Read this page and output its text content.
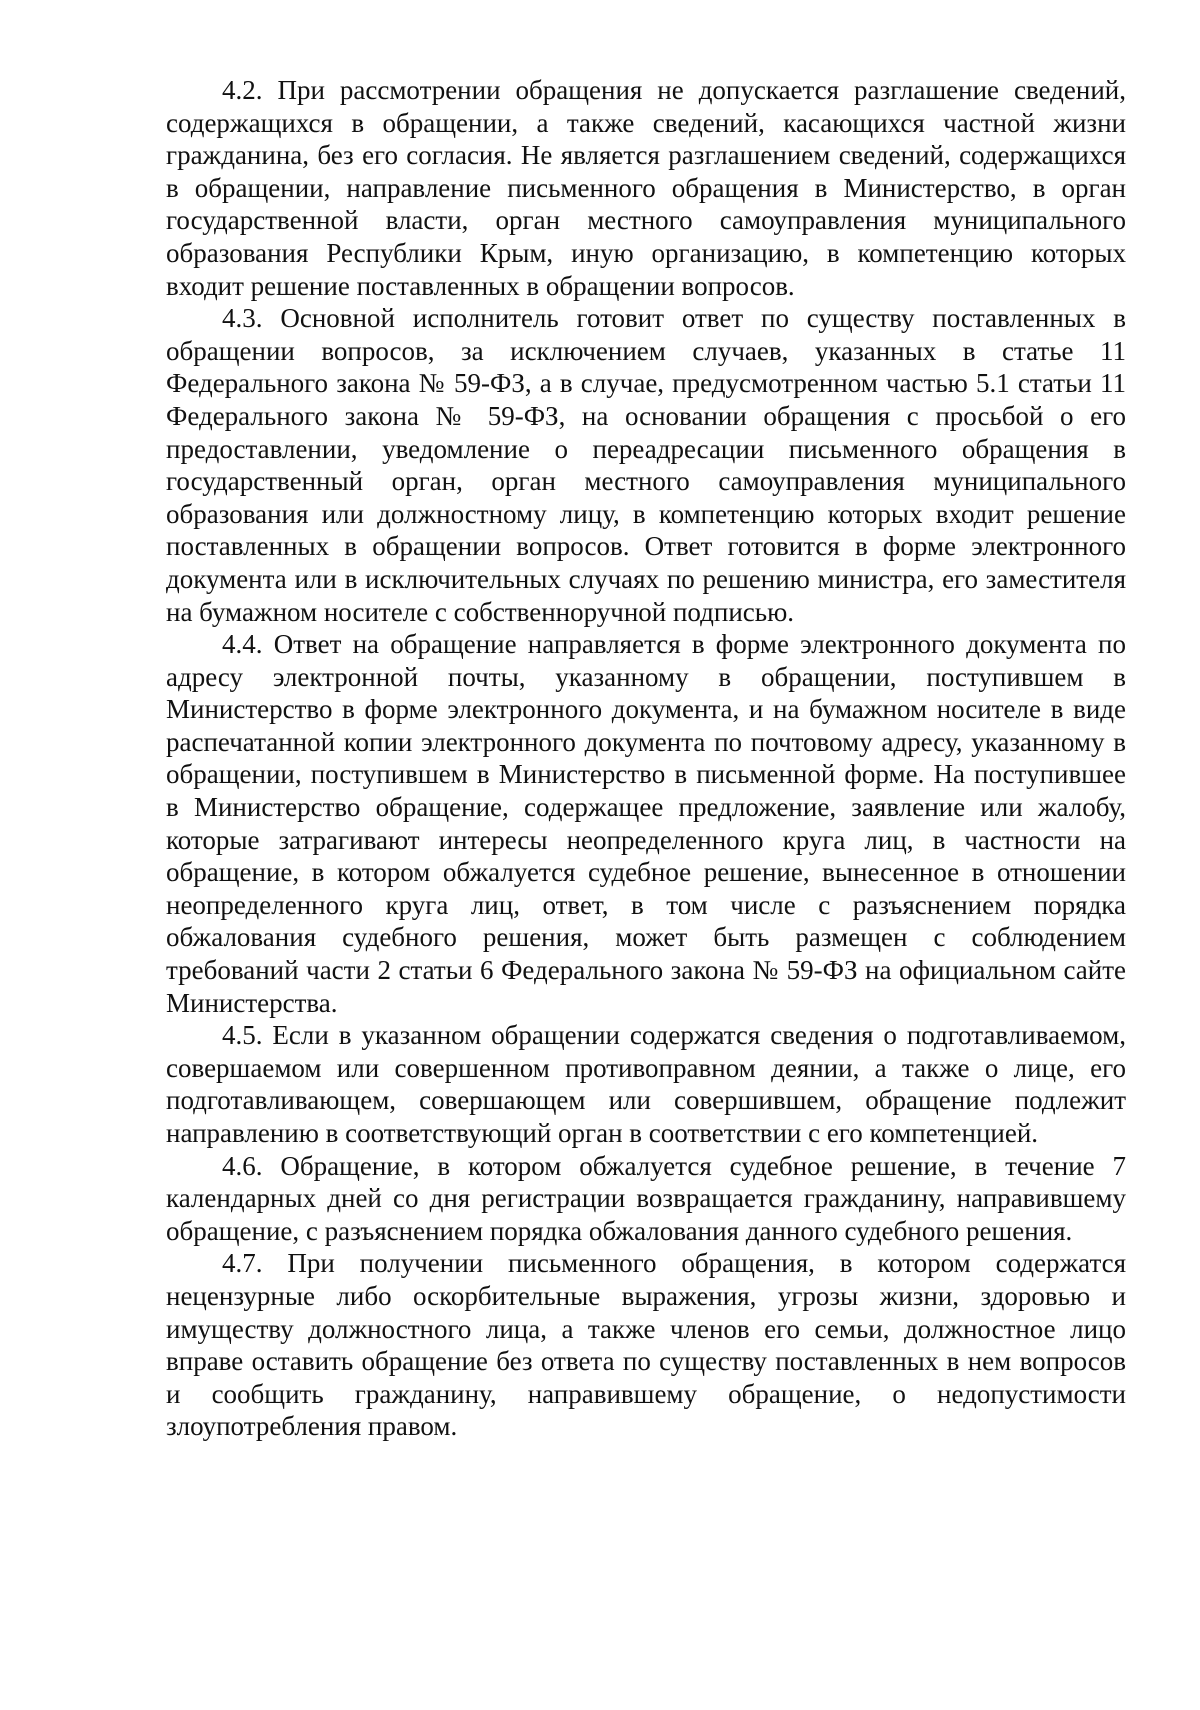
4.2. При рассмотрении обращения не допускается разглашение сведений, содержащихся в обращении, а также сведений, касающихся частной жизни гражданина, без его согласия. Не является разглашением сведений, содержащихся в обращении, направление письменного обращения в Министерство, в орган государственной власти, орган местного самоуправления муниципального образования Республики Крым, иную организацию, в компетенцию которых входит решение поставленных в обращении вопросов.

4.3. Основной исполнитель готовит ответ по существу поставленных в обращении вопросов, за исключением случаев, указанных в статье 11 Федерального закона № 59-ФЗ, а в случае, предусмотренном частью 5.1 статьи 11 Федерального закона № 59-ФЗ, на основании обращения с просьбой о его предоставлении, уведомление о переадресации письменного обращения в государственный орган, орган местного самоуправления муниципального образования или должностному лицу, в компетенцию которых входит решение поставленных в обращении вопросов. Ответ готовится в форме электронного документа или в исключительных случаях по решению министра, его заместителя на бумажном носителе с собственноручной подписью.

4.4. Ответ на обращение направляется в форме электронного документа по адресу электронной почты, указанному в обращении, поступившем в Министерство в форме электронного документа, и на бумажном носителе в виде распечатанной копии электронного документа по почтовому адресу, указанному в обращении, поступившем в Министерство в письменной форме. На поступившее в Министерство обращение, содержащее предложение, заявление или жалобу, которые затрагивают интересы неопределенного круга лиц, в частности на обращение, в котором обжалуется судебное решение, вынесенное в отношении неопределенного круга лиц, ответ, в том числе с разъяснением порядка обжалования судебного решения, может быть размещен с соблюдением требований части 2 статьи 6 Федерального закона № 59-ФЗ на официальном сайте Министерства.

4.5. Если в указанном обращении содержатся сведения о подготавливаемом, совершаемом или совершенном противоправном деянии, а также о лице, его подготавливающем, совершающем или совершившем, обращение подлежит направлению в соответствующий орган в соответствии с его компетенцией.

4.6. Обращение, в котором обжалуется судебное решение, в течение 7 календарных дней со дня регистрации возвращается гражданину, направившему обращение, с разъяснением порядка обжалования данного судебного решения.

4.7. При получении письменного обращения, в котором содержатся нецензурные либо оскорбительные выражения, угрозы жизни, здоровью и имуществу должностного лица, а также членов его семьи, должностное лицо вправе оставить обращение без ответа по существу поставленных в нем вопросов и сообщить гражданину, направившему обращение, о недопустимости злоупотребления правом.
